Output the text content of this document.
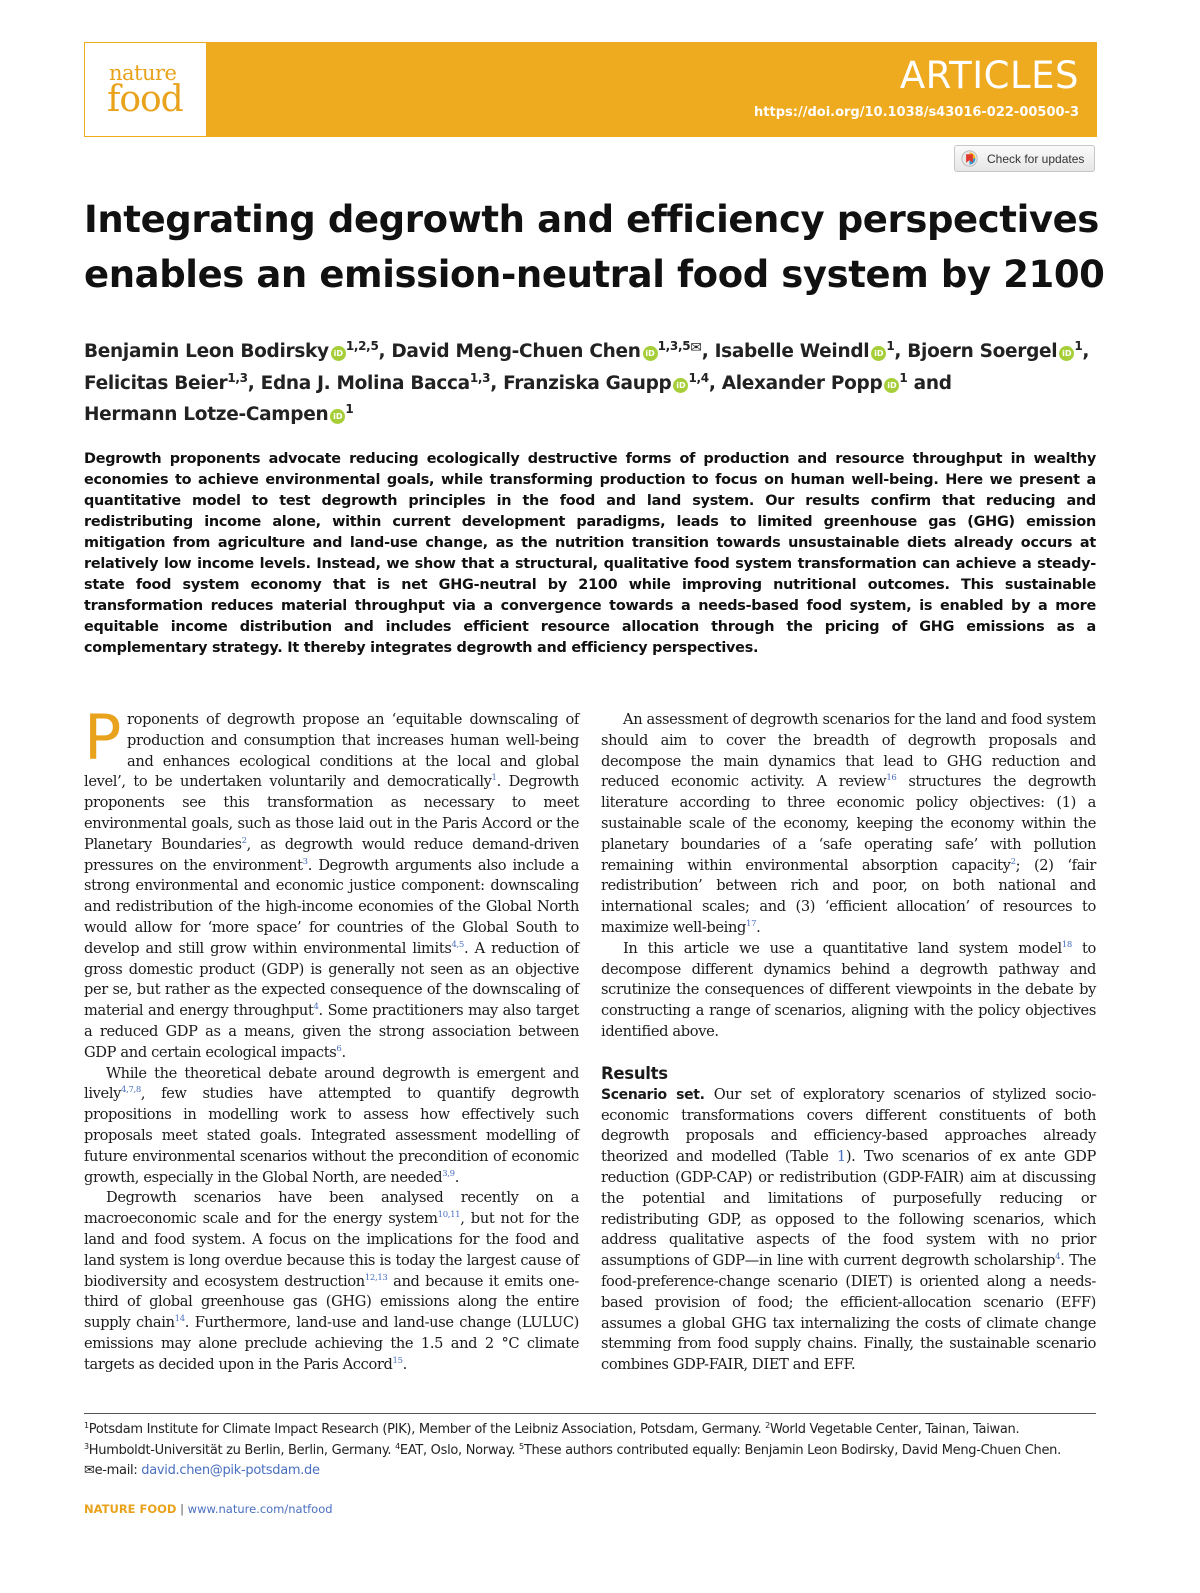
nature
food
ARTICLES
https://doi.org/10.1038/s43016-022-00500-3
Check for updates
Integrating degrowth and efficiency perspectives enables an emission-neutral food system by 2100
Benjamin Leon Bodirsky iD$^{1,2,5}$, David Meng-Chuen Chen iD$^{1,3,5}$✉, Isabelle Weindl iD$^1$, Bjoern Soergel iD$^1$,
Felicitas Beier$^{1,3}$, Edna J. Molina Bacca$^{1,3}$, Franziska Gaupp iD$^{1,4}$, Alexander Popp iD$^1$ and
Hermann Lotze-Campen iD$^1$

Degrowth proponents advocate reducing ecologically destructive forms of production and resource throughput in wealthy economies to achieve environmental goals, while transforming production to focus on human well-being. Here we present a quantitative model to test degrowth principles in the food and land system. Our results confirm that reducing and redistributing income alone, within current development paradigms, leads to limited greenhouse gas (GHG) emission mitigation from agriculture and land-use change, as the nutrition transition towards unsustainable diets already occurs at relatively low income levels. Instead, we show that a structural, qualitative food system transformation can achieve a steady-state food system economy that is net GHG-neutral by 2100 while improving nutritional outcomes. This sustainable transformation reduces material throughput via a convergence towards a needs-based food system, is enabled by a more equitable income distribution and includes efficient resource allocation through the pricing of GHG emissions as a complementary strategy. It thereby integrates degrowth and efficiency perspectives.

Proponents of degrowth propose an ‘equitable downscaling of production and consumption that increases human well-being and enhances ecological conditions at the local and global level’, to be undertaken voluntarily and democratically$^1$. Degrowth proponents see this transformation as necessary to meet environmental goals, such as those laid out in the Paris Accord or the Planetary Boundaries$^2$, as degrowth would reduce demand-driven pressures on the environment$^3$. Degrowth arguments also include a strong environmental and economic justice component: downscaling and redistribution of the high-income economies of the Global North would allow for ‘more space’ for countries of the Global South to develop and still grow within environmental limits$^{4,5}$. A reduction of gross domestic product (GDP) is generally not seen as an objective per se, but rather as the expected consequence of the downscaling of material and energy throughput$^4$. Some practitioners may also target a reduced GDP as a means, given the strong association between GDP and certain ecological impacts$^6$.

While the theoretical debate around degrowth is emergent and lively$^{4,7,8}$, few studies have attempted to quantify degrowth propositions in modelling work to assess how effectively such proposals meet stated goals. Integrated assessment modelling of future environmental scenarios without the precondition of economic growth, especially in the Global North, are needed$^{3,9}$.

Degrowth scenarios have been analysed recently on a macroeconomic scale and for the energy system$^{10,11}$, but not for the land and food system. A focus on the implications for the food and land system is long overdue because this is today the largest cause of biodiversity and ecosystem destruction$^{12,13}$ and because it emits one-third of global greenhouse gas (GHG) emissions along the entire supply chain$^{14}$. Furthermore, land-use and land-use change (LULUC) emissions may alone preclude achieving the 1.5 and 2 °C climate targets as decided upon in the Paris Accord$^{15}$.

An assessment of degrowth scenarios for the land and food system should aim to cover the breadth of degrowth proposals and decompose the main dynamics that lead to GHG reduction and reduced economic activity. A review$^{16}$ structures the degrowth literature according to three economic policy objectives: (1) a sustainable scale of the economy, keeping the economy within the planetary boundaries of a ‘safe operating safe’ with pollution remaining within environmental absorption capacity$^2$; (2) ‘fair redistribution’ between rich and poor, on both national and international scales; and (3) ‘efficient allocation’ of resources to maximize well-being$^{17}$.

In this article we use a quantitative land system model$^{18}$ to decompose different dynamics behind a degrowth pathway and scrutinize the consequences of different viewpoints in the debate by constructing a range of scenarios, aligning with the policy objectives identified above.

Results

Scenario set. Our set of exploratory scenarios of stylized socio-economic transformations covers different constituents of both degrowth proposals and efficiency-based approaches already theorized and modelled (Table 1). Two scenarios of ex ante GDP reduction (GDP-CAP) or redistribution (GDP-FAIR) aim at discussing the potential and limitations of purposefully reducing or redistributing GDP, as opposed to the following scenarios, which address qualitative aspects of the food system with no prior assumptions of GDP—in line with current degrowth scholarship$^4$. The food-preference-change scenario (DIET) is oriented along a needs-based provision of food; the efficient-allocation scenario (EFF) assumes a global GHG tax internalizing the costs of climate change stemming from food supply chains. Finally, the sustainable scenario combines GDP-FAIR, DIET and EFF.

$^1$Potsdam Institute for Climate Impact Research (PIK), Member of the Leibniz Association, Potsdam, Germany. $^2$World Vegetable Center, Tainan, Taiwan.
$^3$Humboldt-Universität zu Berlin, Berlin, Germany. $^4$EAT, Oslo, Norway. $^5$These authors contributed equally: Benjamin Leon Bodirsky, David Meng-Chuen Chen.
✉e-mail: david.chen@pik-potsdam.de
NATURE FOOD | www.nature.com/natfood
